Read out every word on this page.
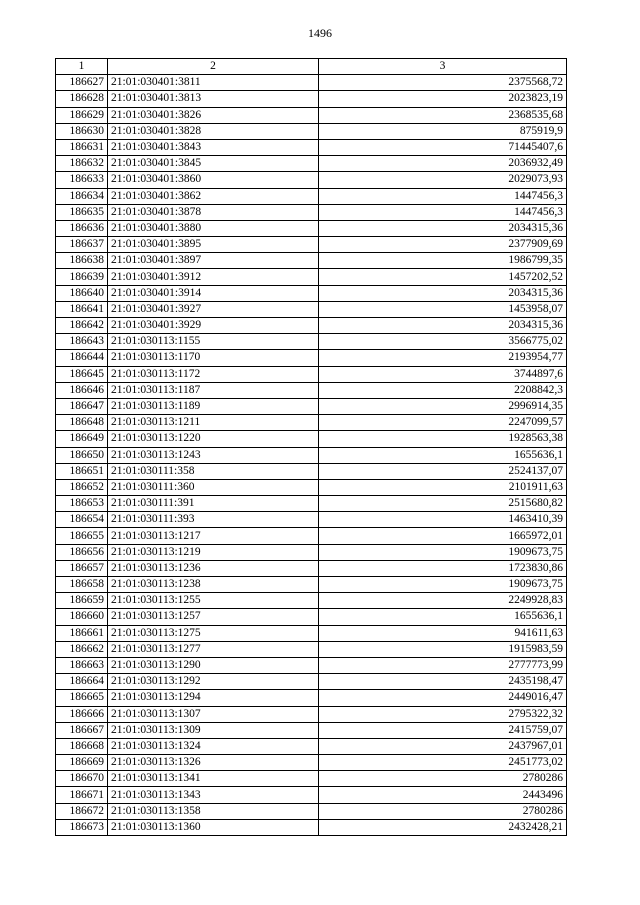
1496
1	2	3
186627	21:01:030401:3811	2375568,72
186628	21:01:030401:3813	2023823,19
186629	21:01:030401:3826	2368535,68
186630	21:01:030401:3828	875919,9
186631	21:01:030401:3843	71445407,6
186632	21:01:030401:3845	2036932,49
186633	21:01:030401:3860	2029073,93
186634	21:01:030401:3862	1447456,3
186635	21:01:030401:3878	1447456,3
186636	21:01:030401:3880	2034315,36
186637	21:01:030401:3895	2377909,69
186638	21:01:030401:3897	1986799,35
186639	21:01:030401:3912	1457202,52
186640	21:01:030401:3914	2034315,36
186641	21:01:030401:3927	1453958,07
186642	21:01:030401:3929	2034315,36
186643	21:01:030113:1155	3566775,02
186644	21:01:030113:1170	2193954,77
186645	21:01:030113:1172	3744897,6
186646	21:01:030113:1187	2208842,3
186647	21:01:030113:1189	2996914,35
186648	21:01:030113:1211	2247099,57
186649	21:01:030113:1220	1928563,38
186650	21:01:030113:1243	1655636,1
186651	21:01:030111:358	2524137,07
186652	21:01:030111:360	2101911,63
186653	21:01:030111:391	2515680,82
186654	21:01:030111:393	1463410,39
186655	21:01:030113:1217	1665972,01
186656	21:01:030113:1219	1909673,75
186657	21:01:030113:1236	1723830,86
186658	21:01:030113:1238	1909673,75
186659	21:01:030113:1255	2249928,83
186660	21:01:030113:1257	1655636,1
186661	21:01:030113:1275	941611,63
186662	21:01:030113:1277	1915983,59
186663	21:01:030113:1290	2777773,99
186664	21:01:030113:1292	2435198,47
186665	21:01:030113:1294	2449016,47
186666	21:01:030113:1307	2795322,32
186667	21:01:030113:1309	2415759,07
186668	21:01:030113:1324	2437967,01
186669	21:01:030113:1326	2451773,02
186670	21:01:030113:1341	2780286
186671	21:01:030113:1343	2443496
186672	21:01:030113:1358	2780286
186673	21:01:030113:1360	2432428,21
